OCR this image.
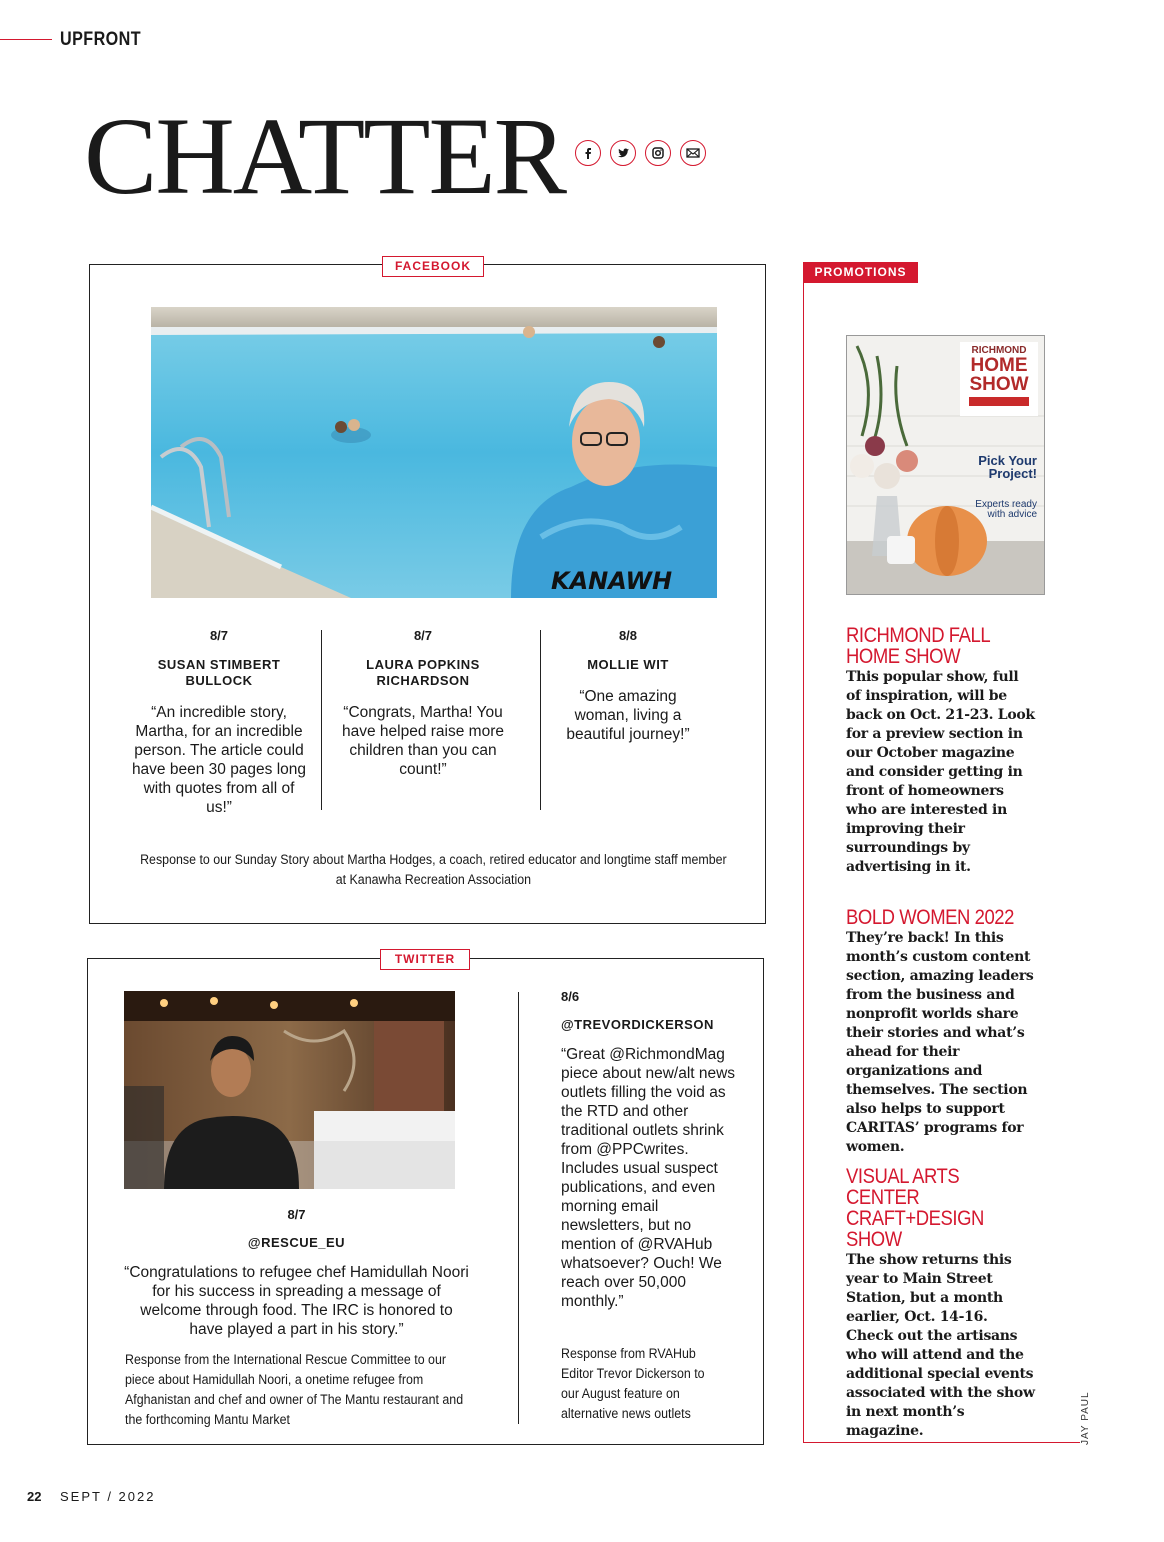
UPFRONT
CHATTER
FACEBOOK
KANAWH
8/7
SUSAN STIMBERT BULLOCK
“An incredible story, Martha, for an incredible person. The article could have been 30 pages long with quotes from all of us!”
8/7
LAURA POPKINS RICHARDSON
“Congrats, Martha! You have helped raise more children than you can count!”
8/8
MOLLIE WIT
“One amazing woman, living a beautiful journey!”
Response to our Sunday Story about Martha Hodges, a coach, retired educator and longtime staff member at Kanawha Recreation Association
TWITTER
8/7
@RESCUE_EU
“Congratulations to refugee chef Hamidullah Noori for his success in spreading a message of welcome through food. The IRC is honored to have played a part in his story.”
Response from the International Rescue Committee to our piece about Hamidullah Noori, a onetime refugee from Afghanistan and chef and owner of The Mantu restaurant and the forthcoming Mantu Market
8/6
@TREVORDICKERSON
“Great @RichmondMag piece about new/alt news outlets filling the void as the RTD and other traditional outlets shrink from @PPCwrites. Includes usual suspect publications, and even morning email newsletters, but no mention of @RVAHub whatsoever? Ouch! We reach over 50,000 monthly.”
Response from RVAHub Editor Trevor Dickerson to our August feature on alternative news outlets
PROMOTIONS
RICHMOND
HOME
SHOW
Pick Your Project!
Experts ready with advice
RICHMOND FALL HOME SHOW
This popular show, full of inspiration, will be back on Oct. 21-23. Look for a preview section in our October magazine and consider getting in front of homeowners who are interested in improving their surroundings by advertising in it.
BOLD WOMEN 2022
They’re back! In this month’s custom content section, amazing leaders from the business and nonprofit worlds share their stories and what’s ahead for their organizations and themselves. The section also helps to support CARITAS’ programs for women.
VISUAL ARTS CENTER CRAFT+DESIGN SHOW
The show returns this year to Main Street Station, but a month earlier, Oct. 14-16. Check out the artisans who will attend and the additional special events associated with the show in next month’s magazine.	JAY PAUL
22 SEPT / 2022
